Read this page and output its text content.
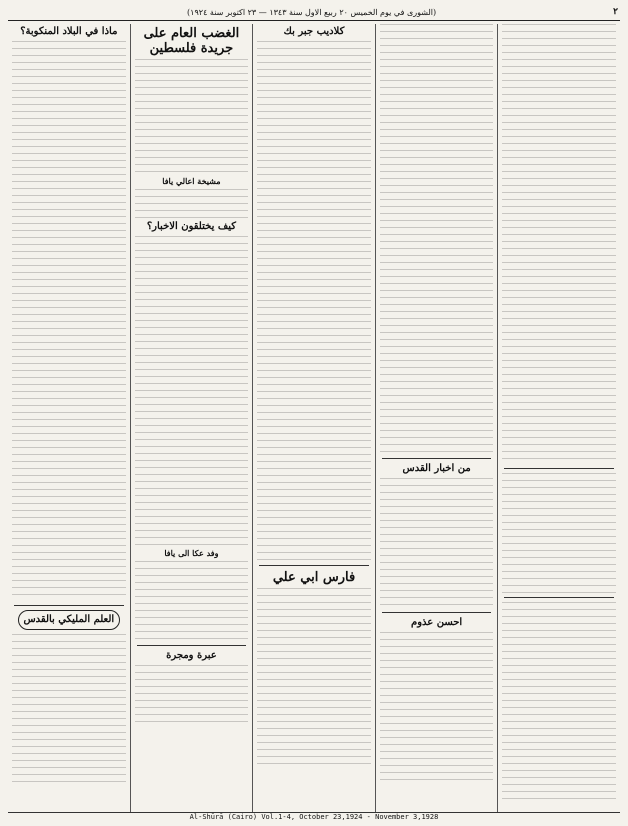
٢
(الشورى في يوم الخميس ٢٠ ربيع الاول سنة ١٣٤٣ — ٢٣ اكتوبر سنة ١٩٢٤)
من اخبار القدس
احسن عذوم
كلاديب جبر بك
فارس ابي علي
الغضب العام على جريدة فلسطين
مشيخة اعالي يافا
كيف يختلقون الاخبار؟
وفد عكا الى يافا
عبرة ومجرة
ماذا في البلاد المنكوبة؟
العلم المليكي بالقدس
Al-Shūrā (Cairo) Vol.1-4, October 23,1924 - November 3,1928
